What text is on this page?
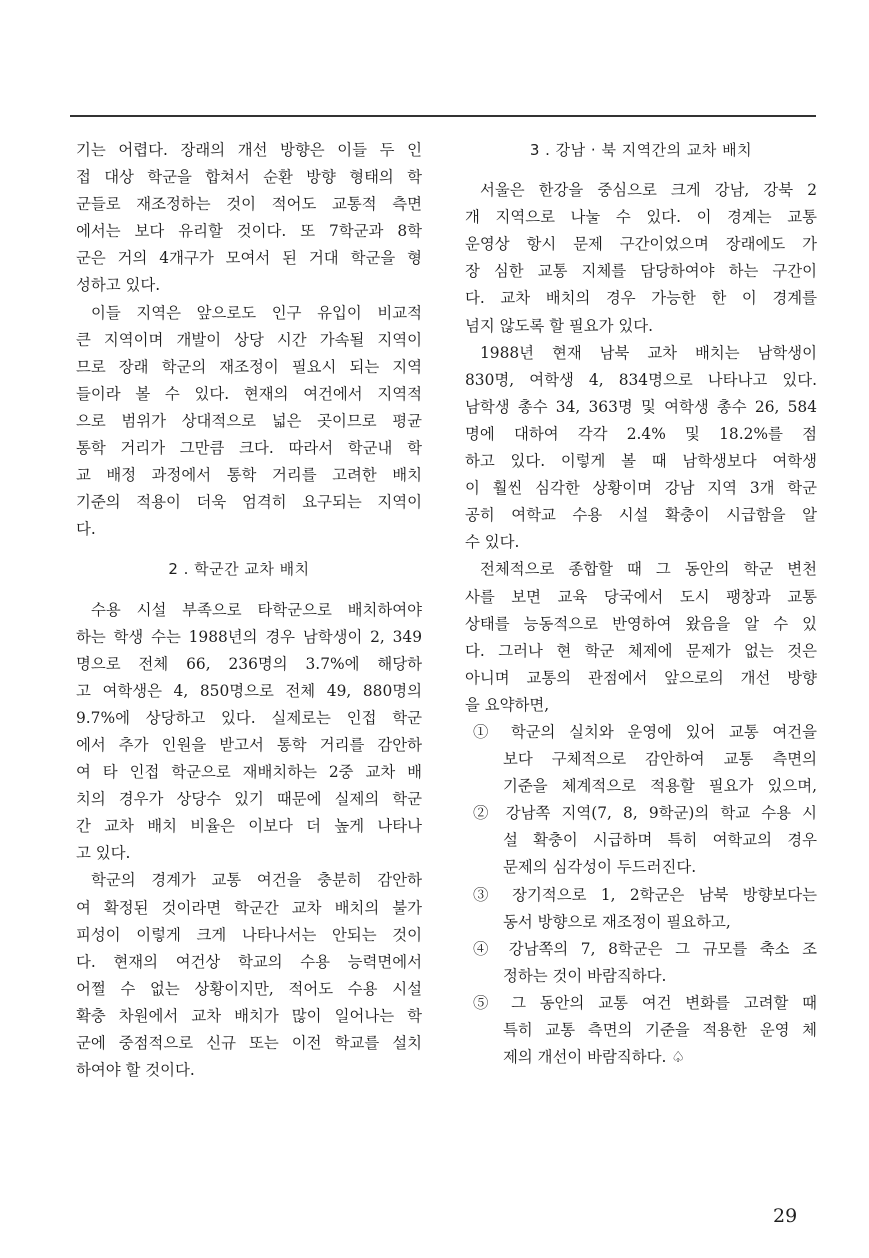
기는 어렵다. 장래의 개선 방향은 이들 두 인
접 대상 학군을 합쳐서 순환 방향 형태의 학
군들로 재조정하는 것이 적어도 교통적 측면
에서는 보다 유리할 것이다. 또 7학군과 8학
군은 거의 4개구가 모여서 된 거대 학군을 형
성하고 있다.
이들 지역은 앞으로도 인구 유입이 비교적
큰 지역이며 개발이 상당 시간 가속될 지역이
므로 장래 학군의 재조정이 필요시 되는 지역
들이라 볼 수 있다. 현재의 여건에서 지역적
으로 범위가 상대적으로 넓은 곳이므로 평균
통학 거리가 그만큼 크다. 따라서 학군내 학
교 배정 과정에서 통학 거리를 고려한 배치
기준의 적용이 더욱 엄격히 요구되는 지역이
다.
2 . 학군간 교차 배치
수용 시설 부족으로 타학군으로 배치하여야
하는 학생 수는 1988년의 경우 남학생이 2, 349
명으로 전체 66, 236명의 3.7%에 해당하
고 여학생은 4, 850명으로 전체 49, 880명의
9.7%에 상당하고 있다. 실제로는 인접 학군
에서 추가 인원을 받고서 통학 거리를 감안하
여 타 인접 학군으로 재배치하는 2중 교차 배
치의 경우가 상당수 있기 때문에 실제의 학군
간 교차 배치 비율은 이보다 더 높게 나타나
고 있다.
학군의 경계가 교통 여건을 충분히 감안하
여 확정된 것이라면 학군간 교차 배치의 불가
피성이 이렇게 크게 나타나서는 안되는 것이
다. 현재의 여건상 학교의 수용 능력면에서
어쩔 수 없는 상황이지만, 적어도 수용 시설
확충 차원에서 교차 배치가 많이 일어나는 학
군에 중점적으로 신규 또는 이전 학교를 설치
하여야 할 것이다.
3 . 강남 · 북 지역간의 교차 배치
서울은 한강을 중심으로 크게 강남, 강북 2
개 지역으로 나눌 수 있다. 이 경계는 교통
운영상 항시 문제 구간이었으며 장래에도 가
장 심한 교통 지체를 담당하여야 하는 구간이
다. 교차 배치의 경우 가능한 한 이 경계를
넘지 않도록 할 필요가 있다.
1988년 현재 남북 교차 배치는 남학생이
830명, 여학생 4, 834명으로 나타나고 있다.
남학생 총수 34, 363명 및 여학생 총수 26, 584
명에 대하여 각각 2.4% 및 18.2%를 점
하고 있다. 이렇게 볼 때 남학생보다 여학생
이 훨씬 심각한 상황이며 강남 지역 3개 학군
공히 여학교 수용 시설 확충이 시급함을 알
수 있다.
전체적으로 종합할 때 그 동안의 학군 변천
사를 보면 교육 당국에서 도시 팽창과 교통
상태를 능동적으로 반영하여 왔음을 알 수 있
다. 그러나 현 학군 체제에 문제가 없는 것은
아니며 교통의 관점에서 앞으로의 개선 방향
을 요약하면,
① 학군의 실치와 운영에 있어 교통 여건을
보다 구체적으로 감안하여 교통 측면의
기준을 체계적으로 적용할 필요가 있으며,
② 강남쪽 지역(7, 8, 9학군)의 학교 수용 시
설 확충이 시급하며 특히 여학교의 경우
문제의 심각성이 두드러진다.
③ 장기적으로 1, 2학군은 남북 방향보다는
동서 방향으로 재조정이 필요하고,
④ 강남쪽의 7, 8학군은 그 규모를 축소 조
정하는 것이 바람직하다.
⑤ 그 동안의 교통 여건 변화를 고려할 때
특히 교통 측면의 기준을 적용한 운영 체
제의 개선이 바람직하다. ♤
29
